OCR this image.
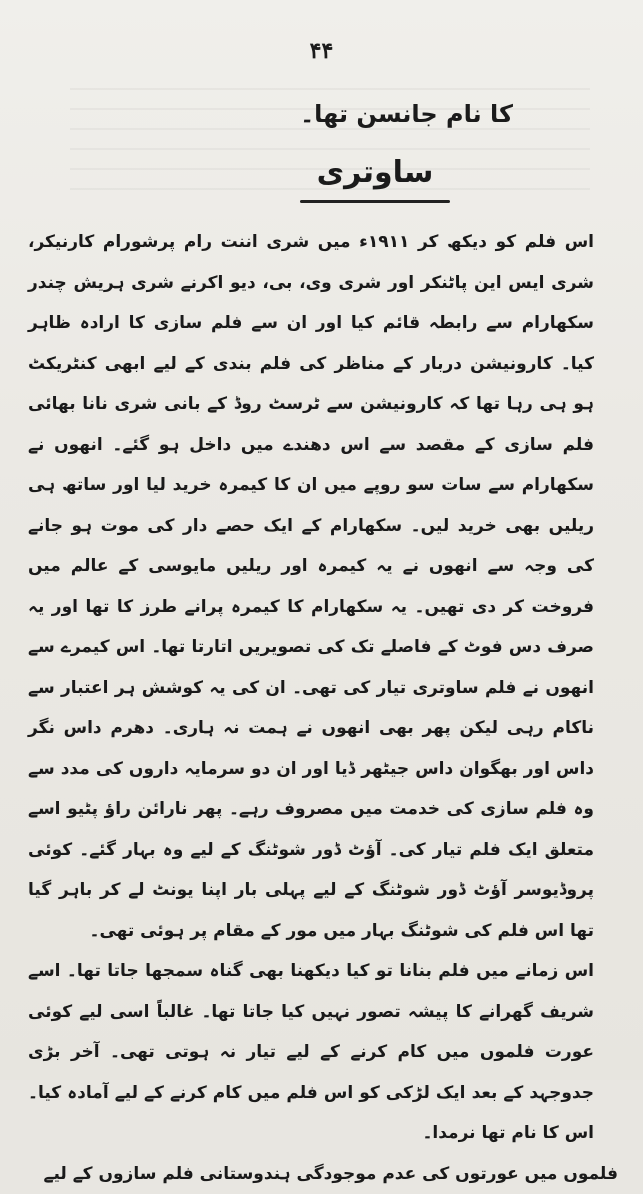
۴۴
کا نام جانسن تھا۔
ساوتری

اس فلم کو دیکھ کر ۱۹۱۱ء میں شری اننت رام پرشورام کارنیکر، شری ایس این پاٹنکر اور شری وی، بی، دیو اکرنے شری ہریش چندر سکھارام سے رابطہ قائم کیا اور ان سے فلم سازی کا ارادہ ظاہر کیا۔ کارونیشن دربار کے مناظر کی فلم بندی کے لیے ابھی کنٹریکٹ ہو ہی رہا تھا کہ کارونیشن سے ٹرسٹ روڈ کے بانی شری نانا بھائی فلم سازی کے مقصد سے اس دھندے میں داخل ہو گئے۔ انھوں نے سکھارام سے سات سو روپے میں ان کا کیمرہ خرید لیا اور ساتھ ہی ریلیں بھی خرید لیں۔ سکھارام کے ایک حصے دار کی موت ہو جانے کی وجہ سے انھوں نے یہ کیمرہ اور ریلیں مایوسی کے عالم میں فروخت کر دی تھیں۔ یہ سکھارام کا کیمرہ پرانے طرز کا تھا اور یہ صرف دس فوٹ کے فاصلے تک کی تصویریں اتارتا تھا۔ اس کیمرے سے انھوں نے فلم ساوتری تیار کی تھی۔ ان کی یہ کوشش ہر اعتبار سے ناکام رہی لیکن پھر بھی انھوں نے ہمت نہ ہاری۔ دھرم داس نگر داس اور بھگوان داس جیٹھر ڈیا اور ان دو سرمایہ داروں کی مدد سے وہ فلم سازی کی خدمت میں مصروف رہے۔ پھر نارائن راؤ پٹیو اسے متعلق ایک فلم تیار کی۔ آؤٹ ڈور شوٹنگ کے لیے وہ بہار گئے۔ کوئی پروڈیوسر آؤٹ ڈور شوٹنگ کے لیے پہلی بار اپنا یونٹ لے کر باہر گیا تھا اس فلم کی شوٹنگ بہار میں مور کے مقام پر ہوئی تھی۔

اس زمانے میں فلم بنانا تو کیا دیکھنا بھی گناہ سمجھا جاتا تھا۔ اسے شریف گھرانے کا پیشہ تصور نہیں کیا جاتا تھا۔ غالباً اسی لیے کوئی عورت فلموں میں کام کرنے کے لیے تیار نہ ہوتی تھی۔ آخر بڑی جدوجہد کے بعد ایک لڑکی کو اس فلم میں کام کرنے کے لیے آمادہ کیا۔ اس کا نام تھا نرمدا۔

فلموں میں عورتوں کی عدم موجودگی ہندوستانی فلم سازوں کے لیے
